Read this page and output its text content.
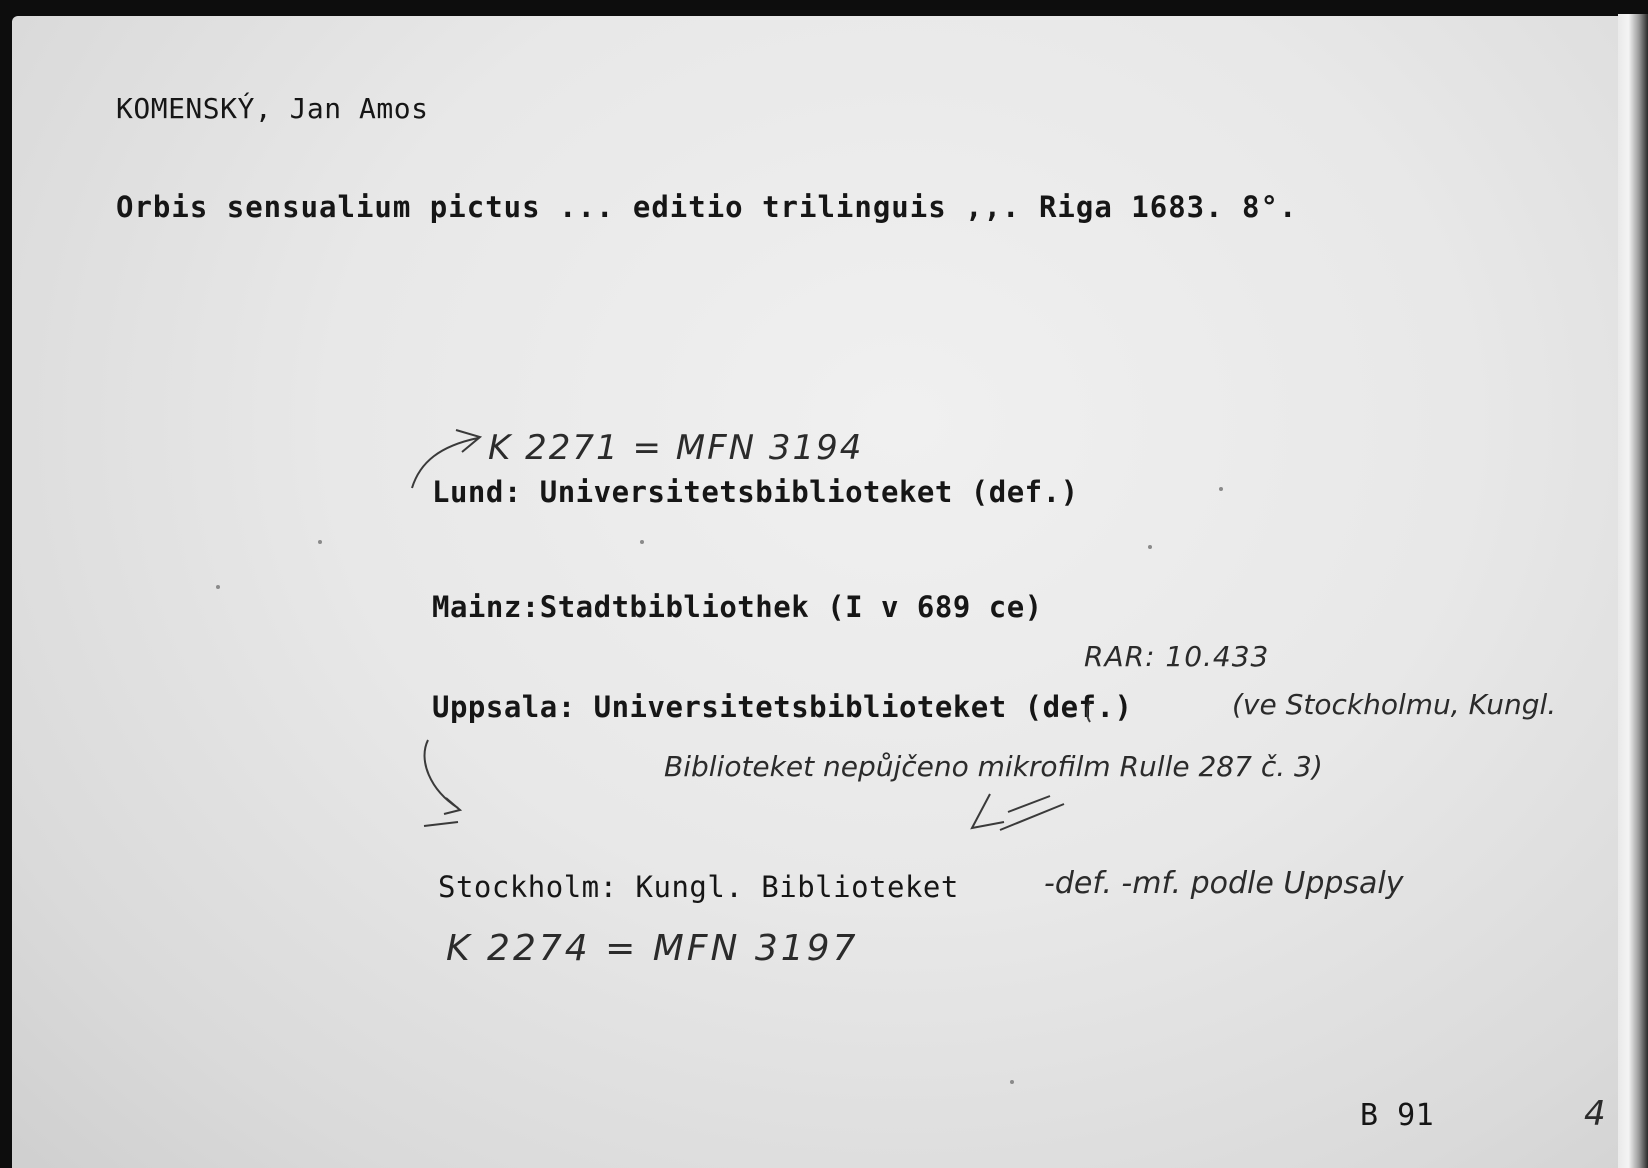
KOMENSKÝ, Jan Amos
Orbis sensualium pictus ... editio trilinguis ,,. Riga 1683. 8°.
Lund: Universitetsbiblioteket (def.)
Mainz:Stadtbibliothek (I v 689 ce)
Uppsala: Universitetsbiblioteket (def.)
Stockholm: Kungl. Biblioteket
B 91
K 2271 = MFN 3194
RAR: 10.433
(ve Stockholmu, Kungl.
Biblioteket nepůjčeno mikrofilm Rulle 287 č. 3)
-def. -mf. podle Uppsaly
K 2274 = MFN 3197
4
